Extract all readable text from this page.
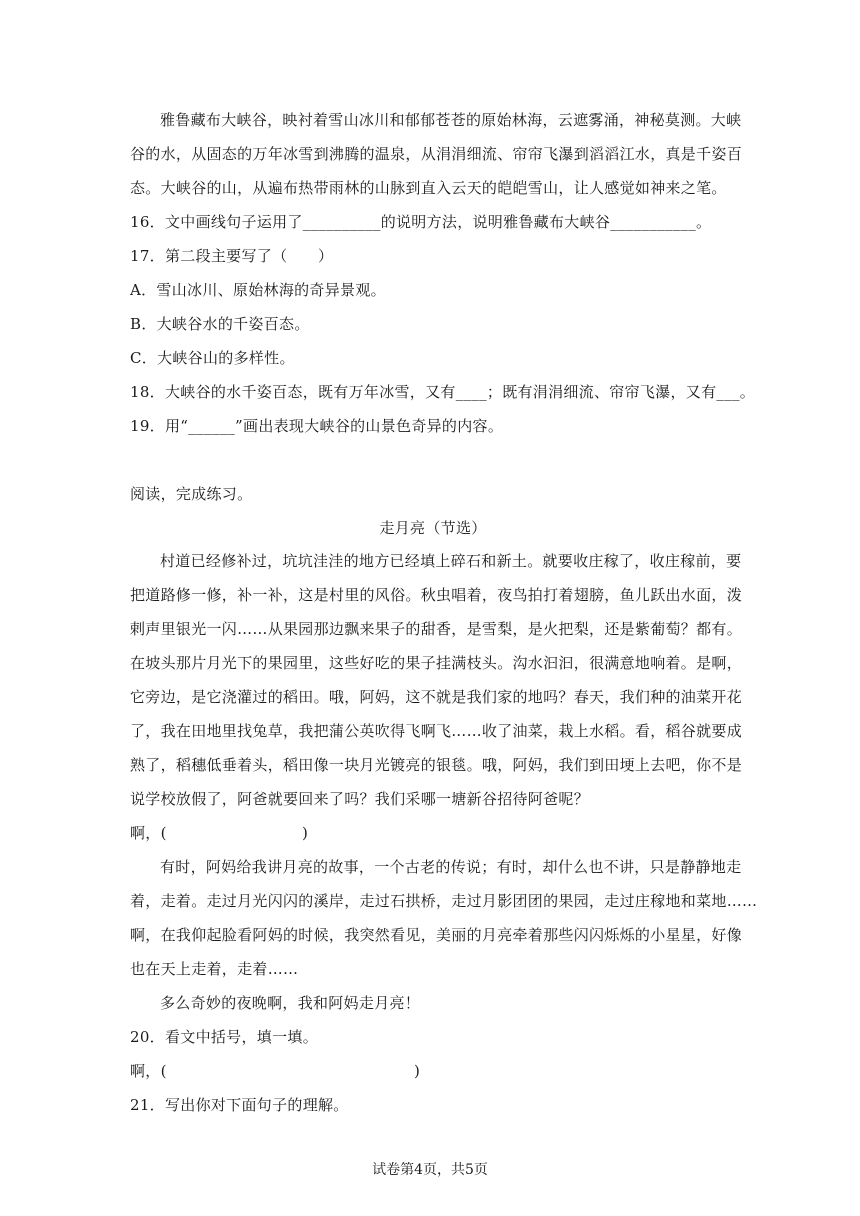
雅鲁藏布大峡谷，映衬着雪山冰川和郁郁苍苍的原始林海，云遮雾涌，神秘莫测。大峡
谷的水，从固态的万年冰雪到沸腾的温泉，从涓涓细流、帘帘飞瀑到滔滔江水，真是千姿百
态。大峡谷的山，从遍布热带雨林的山脉到直入云天的皑皑雪山，让人感觉如神来之笔。
16．文中画线句子运用了__________的说明方法，说明雅鲁藏布大峡谷___________。
17．第二段主要写了（　　）
A．雪山冰川、原始林海的奇异景观。
B．大峡谷水的千姿百态。
C．大峡谷山的多样性。
18．大峡谷的水千姿百态，既有万年冰雪，又有____；既有涓涓细流、帘帘飞瀑，又有___。
19．用“______”画出表现大峡谷的山景色奇异的内容。
阅读，完成练习。
走月亮（节选）
村道已经修补过，坑坑洼洼的地方已经填上碎石和新土。就要收庄稼了，收庄稼前，要
把道路修一修，补一补，这是村里的风俗。秋虫唱着，夜鸟拍打着翅膀，鱼儿跃出水面，泼
剌声里银光一闪……从果园那边飘来果子的甜香，是雪梨，是火把梨，还是紫葡萄？都有。
在坡头那片月光下的果园里，这些好吃的果子挂满枝头。沟水汩汩，很满意地响着。是啊，
它旁边，是它浇灌过的稻田。哦，阿妈，这不就是我们家的地吗？春天，我们种的油菜开花
了，我在田地里找兔草，我把蒲公英吹得飞啊飞……收了油菜，栽上水稻。看，稻谷就要成
熟了，稻穗低垂着头，稻田像一块月光镀亮的银毯。哦，阿妈，我们到田埂上去吧，你不是
说学校放假了，阿爸就要回来了吗？我们采哪一塘新谷招待阿爸呢？
啊，(	)
有时，阿妈给我讲月亮的故事，一个古老的传说；有时，却什么也不讲，只是静静地走
着，走着。走过月光闪闪的溪岸，走过石拱桥，走过月影团团的果园，走过庄稼地和菜地……
啊，在我仰起脸看阿妈的时候，我突然看见，美丽的月亮牵着那些闪闪烁烁的小星星，好像
也在天上走着，走着……
多么奇妙的夜晚啊，我和阿妈走月亮！
20．看文中括号，填一填。
啊，(	)
21．写出你对下面句子的理解。
试卷第4页，共5页
